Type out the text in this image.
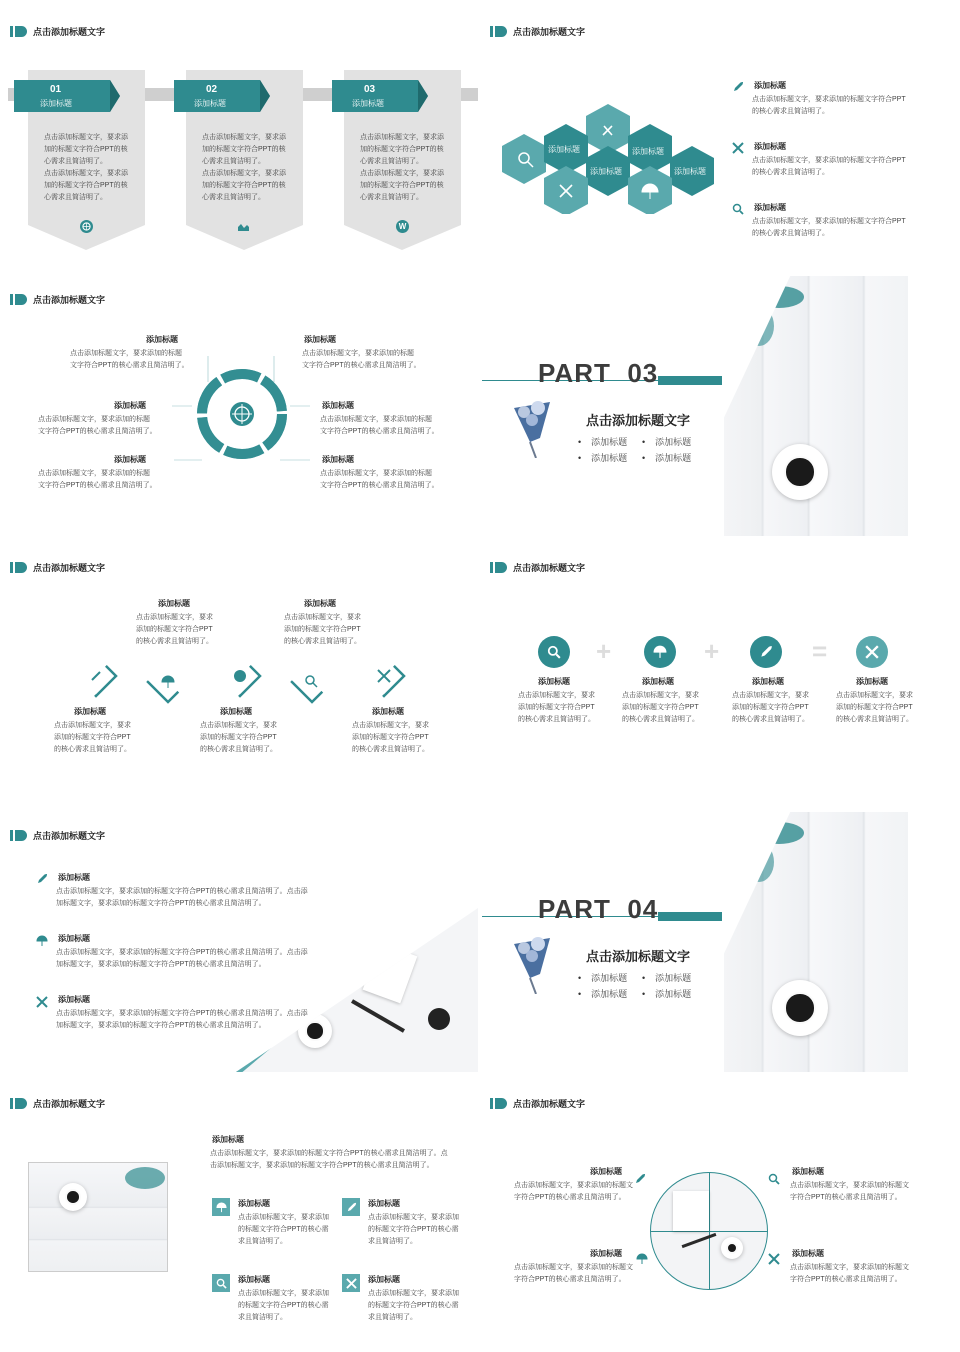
点击添加标题文字
01
添加标题
点击添加标题文字，要求添
加的标题文字符合PPT的核
心需求且简洁明了。
点击添加标题文字，要求添
加的标题文字符合PPT的核
心需求且简洁明了。
02
添加标题
点击添加标题文字，要求添
加的标题文字符合PPT的核
心需求且简洁明了。
点击添加标题文字，要求添
加的标题文字符合PPT的核
心需求且简洁明了。
03
添加标题
点击添加标题文字，要求添
加的标题文字符合PPT的核
心需求且简洁明了。
点击添加标题文字，要求添
加的标题文字符合PPT的核
心需求且简洁明了。
W
点击添加标题文字
添加标题	添加标题
添加标题	添加标题
添加标题
点击添加标题文字，要求添加的标题文字符合PPT
的核心需求且简洁明了。
添加标题
点击添加标题文字，要求添加的标题文字符合PPT
的核心需求且简洁明了。
添加标题
点击添加标题文字，要求添加的标题文字符合PPT
的核心需求且简洁明了。
点击添加标题文字
添加标题
点击添加标题文字，要求添加的标题
文字符合PPT的核心需求且简洁明了。
添加标题
点击添加标题文字，要求添加的标题
文字符合PPT的核心需求且简洁明了。
添加标题
点击添加标题文字，要求添加的标题
文字符合PPT的核心需求且简洁明了。
添加标题
点击添加标题文字，要求添加的标题
文字符合PPT的核心需求且简洁明了。
添加标题
点击添加标题文字，要求添加的标题
文字符合PPT的核心需求且简洁明了。
添加标题
点击添加标题文字，要求添加的标题
文字符合PPT的核心需求且简洁明了。
PART 03
点击添加标题文字
• 添加标题
• 添加标题
• 添加标题
• 添加标题
点击添加标题文字
添加标题
点击添加标题文字，要求
添加的标题文字符合PPT
的核心需求且简洁明了。
添加标题
点击添加标题文字，要求
添加的标题文字符合PPT
的核心需求且简洁明了。
添加标题
点击添加标题文字，要求
添加的标题文字符合PPT
的核心需求且简洁明了。
添加标题
点击添加标题文字，要求
添加的标题文字符合PPT
的核心需求且简洁明了。
添加标题
点击添加标题文字，要求
添加的标题文字符合PPT
的核心需求且简洁明了。
点击添加标题文字
+	+	=
添加标题
点击添加标题文字，要求
添加的标题文字符合PPT
的核心需求且简洁明了。
添加标题
点击添加标题文字，要求
添加的标题文字符合PPT
的核心需求且简洁明了。
添加标题
点击添加标题文字，要求
添加的标题文字符合PPT
的核心需求且简洁明了。
添加标题
点击添加标题文字，要求
添加的标题文字符合PPT
的核心需求且简洁明了。
点击添加标题文字
添加标题
点击添加标题文字，要求添加的标题文字符合PPT的核心需求且简洁明了。点击添
加标题文字，要求添加的标题文字符合PPT的核心需求且简洁明了。
添加标题
点击添加标题文字，要求添加的标题文字符合PPT的核心需求且简洁明了。点击添
加标题文字，要求添加的标题文字符合PPT的核心需求且简洁明了。
添加标题
点击添加标题文字，要求添加的标题文字符合PPT的核心需求且简洁明了。点击添
加标题文字，要求添加的标题文字符合PPT的核心需求且简洁明了。
PART 04
点击添加标题文字
• 添加标题
• 添加标题
• 添加标题
• 添加标题
点击添加标题文字
添加标题
点击添加标题文字，要求添加的标题文字符合PPT的核心需求且简洁明了。点
击添加标题文字，要求添加的标题文字符合PPT的核心需求且简洁明了。
添加标题
点击添加标题文字，要求添加
的标题文字符合PPT的核心需
求且简洁明了。
添加标题
点击添加标题文字，要求添加
的标题文字符合PPT的核心需
求且简洁明了。
添加标题
点击添加标题文字，要求添加
的标题文字符合PPT的核心需
求且简洁明了。
添加标题
点击添加标题文字，要求添加
的标题文字符合PPT的核心需
求且简洁明了。
点击添加标题文字
添加标题
点击添加标题文字，要求添加的标题文
字符合PPT的核心需求且简洁明了。
添加标题
点击添加标题文字，要求添加的标题文
字符合PPT的核心需求且简洁明了。
添加标题
点击添加标题文字，要求添加的标题文
字符合PPT的核心需求且简洁明了。
添加标题
点击添加标题文字，要求添加的标题文
字符合PPT的核心需求且简洁明了。
